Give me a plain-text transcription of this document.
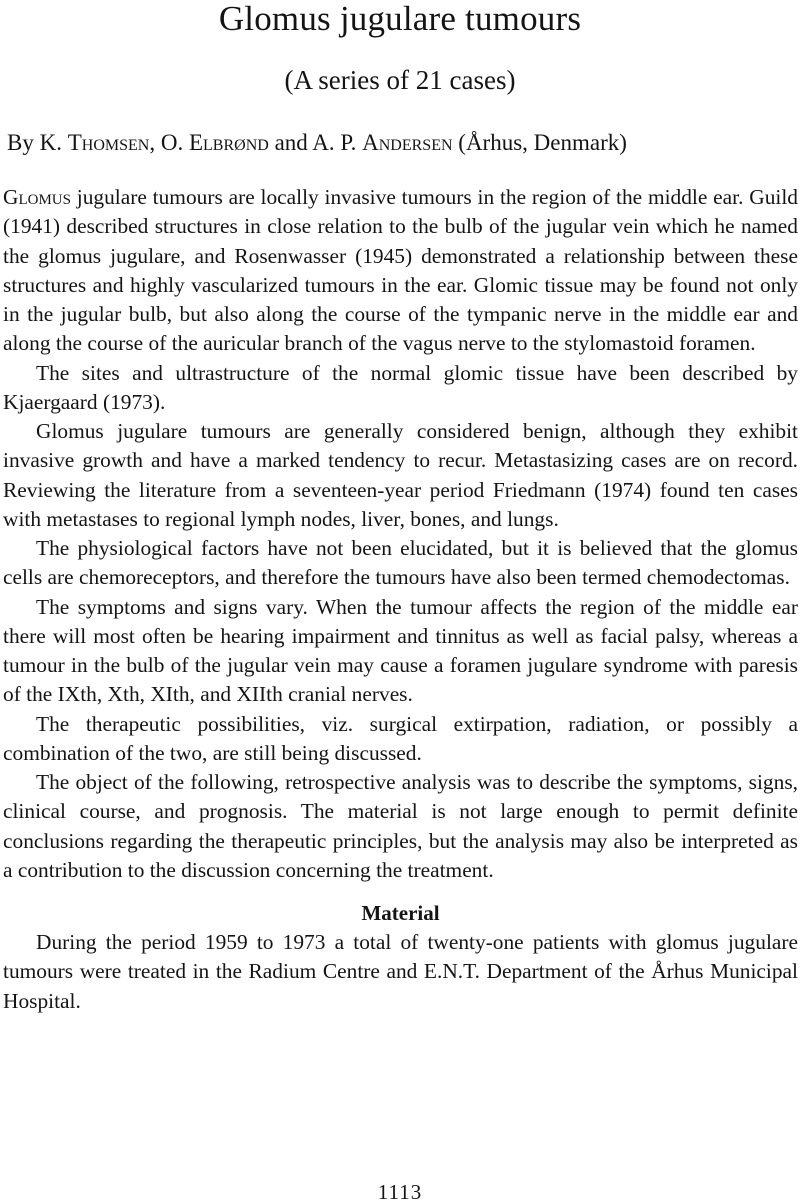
Glomus jugulare tumours
(A series of 21 cases)
By K. Thomsen, O. Elbrønd and A. P. Andersen (Århus, Denmark)

Glomus jugulare tumours are locally invasive tumours in the region of the middle ear. Guild (1941) described structures in close relation to the bulb of the jugular vein which he named the glomus jugulare, and Rosenwasser (1945) demonstrated a relationship between these structures and highly vascularized tumours in the ear. Glomic tissue may be found not only in the jugular bulb, but also along the course of the tympanic nerve in the middle ear and along the course of the auricular branch of the vagus nerve to the stylomastoid foramen.

The sites and ultrastructure of the normal glomic tissue have been described by Kjaergaard (1973).

Glomus jugulare tumours are generally considered benign, although they exhibit invasive growth and have a marked tendency to recur. Metastasizing cases are on record. Reviewing the literature from a seventeen-year period Friedmann (1974) found ten cases with metastases to regional lymph nodes, liver, bones, and lungs.

The physiological factors have not been elucidated, but it is believed that the glomus cells are chemoreceptors, and therefore the tumours have also been termed chemodectomas.

The symptoms and signs vary. When the tumour affects the region of the middle ear there will most often be hearing impairment and tinnitus as well as facial palsy, whereas a tumour in the bulb of the jugular vein may cause a foramen jugulare syndrome with paresis of the IXth, Xth, XIth, and XIIth cranial nerves.

The therapeutic possibilities, viz. surgical extirpation, radiation, or possibly a combination of the two, are still being discussed.

The object of the following, retrospective analysis was to describe the symptoms, signs, clinical course, and prognosis. The material is not large enough to permit definite conclusions regarding the therapeutic principles, but the analysis may also be interpreted as a contribution to the discussion concerning the treatment.

Material

During the period 1959 to 1973 a total of twenty-one patients with glomus jugulare tumours were treated in the Radium Centre and E.N.T. Department of the Århus Municipal Hospital.

1113
